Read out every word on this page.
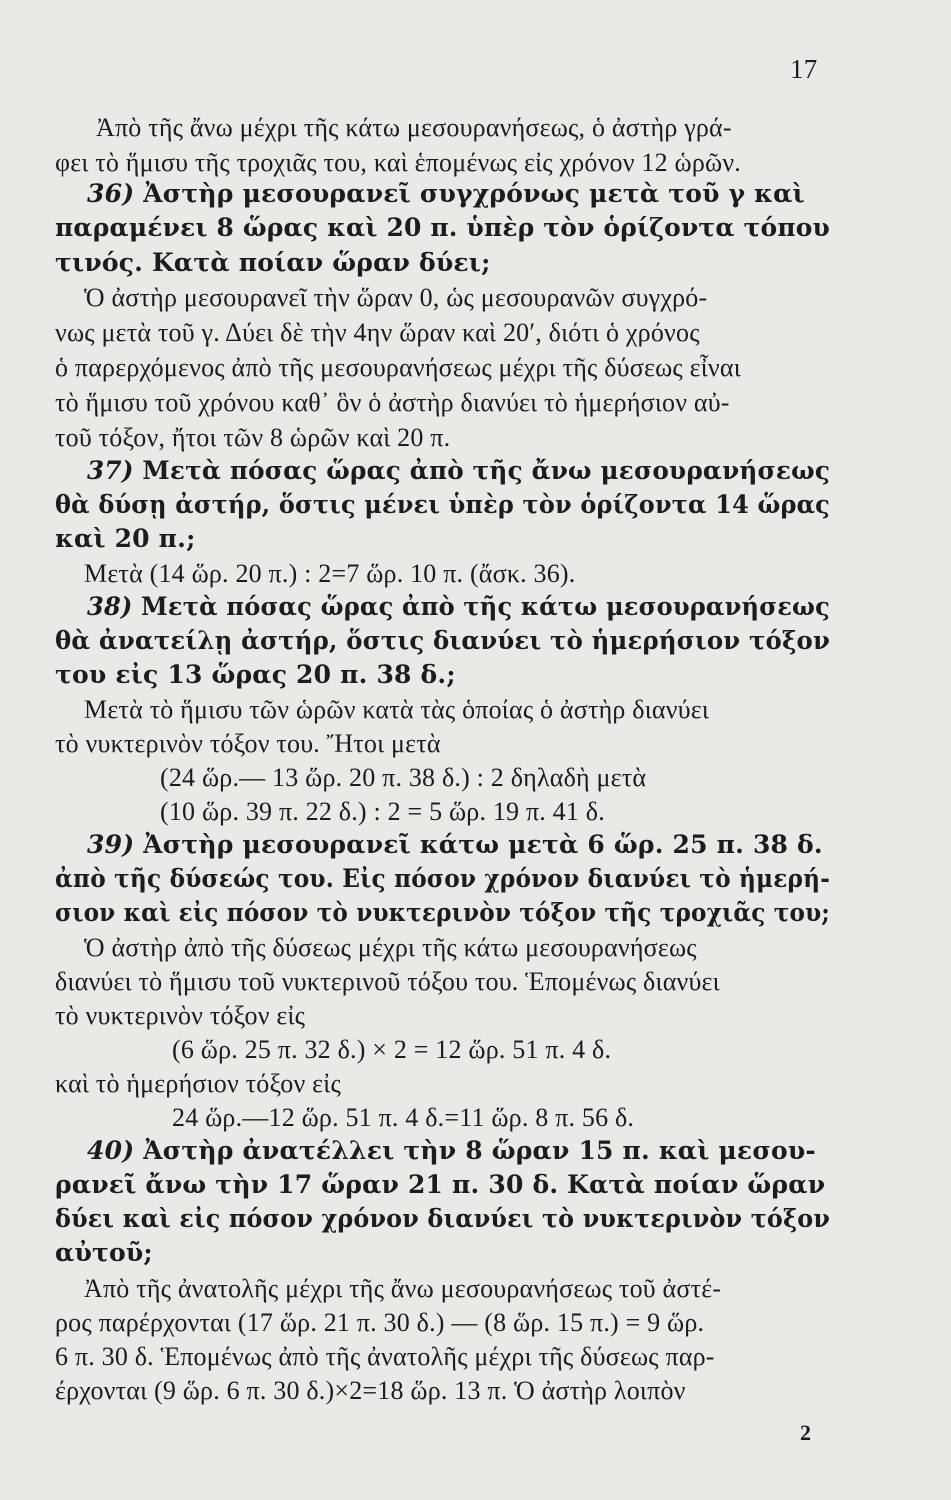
17
Ἀπὸ τῆς ἄνω μέχρι τῆς κάτω μεσουρανήσεως, ὁ ἀστὴρ γρά-
φει τὸ ἥμισυ τῆς τροχιᾶς του, καὶ ἑπομένως εἰς χρόνον 12 ὡρῶν.
36) Ἀστὴρ μεσουρανεῖ συγχρόνως μετὰ τοῦ γ καὶ
παραμένει 8 ὥρας καὶ 20 π. ὑπὲρ τὸν ὁρίζοντα τόπου
τινός. Κατὰ ποίαν ὥραν δύει;
Ὁ ἀστὴρ μεσουρανεῖ τὴν ὥραν 0, ὡς μεσουρανῶν συγχρό-
νως μετὰ τοῦ γ. Δύει δὲ τὴν 4ην ὥραν καὶ 20′, διότι ὁ χρόνος
ὁ παρερχόμενος ἀπὸ τῆς μεσουρανήσεως μέχρι τῆς δύσεως εἶναι
τὸ ἥμισυ τοῦ χρόνου καθ᾽ ὃν ὁ ἀστὴρ διανύει τὸ ἡμερήσιον αὐ-
τοῦ τόξον, ἤτοι τῶν 8 ὡρῶν καὶ 20 π.
37) Μετὰ πόσας ὥρας ἀπὸ τῆς ἄνω μεσουρανήσεως
θὰ δύσῃ ἀστήρ, ὅστις μένει ὑπὲρ τὸν ὁρίζοντα 14 ὥρας
καὶ 20 π.;
Μετὰ (14 ὥρ. 20 π.) : 2=7 ὥρ. 10 π. (ἄσκ. 36).
38) Μετὰ πόσας ὥρας ἀπὸ τῆς κάτω μεσουρανήσεως
θὰ ἀνατείλῃ ἀστήρ, ὅστις διανύει τὸ ἡμερήσιον τόξον
του εἰς 13 ὥρας 20 π. 38 δ.;
Μετὰ τὸ ἥμισυ τῶν ὡρῶν κατὰ τὰς ὁποίας ὁ ἀστὴρ διανύει
τὸ νυκτερινὸν τόξον του. Ἤτοι μετὰ
(24 ὥρ.— 13 ὥρ. 20 π. 38 δ.) : 2 δηλαδὴ μετὰ
(10 ὥρ. 39 π. 22 δ.) : 2 = 5 ὥρ. 19 π. 41 δ.
39) Ἀστὴρ μεσουρανεῖ κάτω μετὰ 6 ὥρ. 25 π. 38 δ.
ἀπὸ τῆς δύσεώς του. Εἰς πόσον χρόνον διανύει τὸ ἡμερή-
σιον καὶ εἰς πόσον τὸ νυκτερινὸν τόξον τῆς τροχιᾶς του;
Ὁ ἀστὴρ ἀπὸ τῆς δύσεως μέχρι τῆς κάτω μεσουρανήσεως
διανύει τὸ ἥμισυ τοῦ νυκτερινοῦ τόξου του. Ἑπομένως διανύει
τὸ νυκτερινὸν τόξον εἰς
(6 ὥρ. 25 π. 32 δ.) × 2 = 12 ὥρ. 51 π. 4 δ.
καὶ τὸ ἡμερήσιον τόξον εἰς
24 ὥρ.—12 ὥρ. 51 π. 4 δ.=11 ὥρ. 8 π. 56 δ.
40) Ἀστὴρ ἀνατέλλει τὴν 8 ὥραν 15 π. καὶ μεσου-
ρανεῖ ἄνω τὴν 17 ὥραν 21 π. 30 δ. Κατὰ ποίαν ὥραν
δύει καὶ εἰς πόσον χρόνον διανύει τὸ νυκτερινὸν τόξον
αὐτοῦ;
Ἀπὸ τῆς ἀνατολῆς μέχρι τῆς ἄνω μεσουρανήσεως τοῦ ἀστέ-
ρος παρέρχονται (17 ὥρ. 21 π. 30 δ.) — (8 ὥρ. 15 π.) = 9 ὥρ.
6 π. 30 δ. Ἑπομένως ἀπὸ τῆς ἀνατολῆς μέχρι τῆς δύσεως παρ-
έρχονται (9 ὥρ. 6 π. 30 δ.)×2=18 ὥρ. 13 π. Ὁ ἀστὴρ λοιπὸν
2
